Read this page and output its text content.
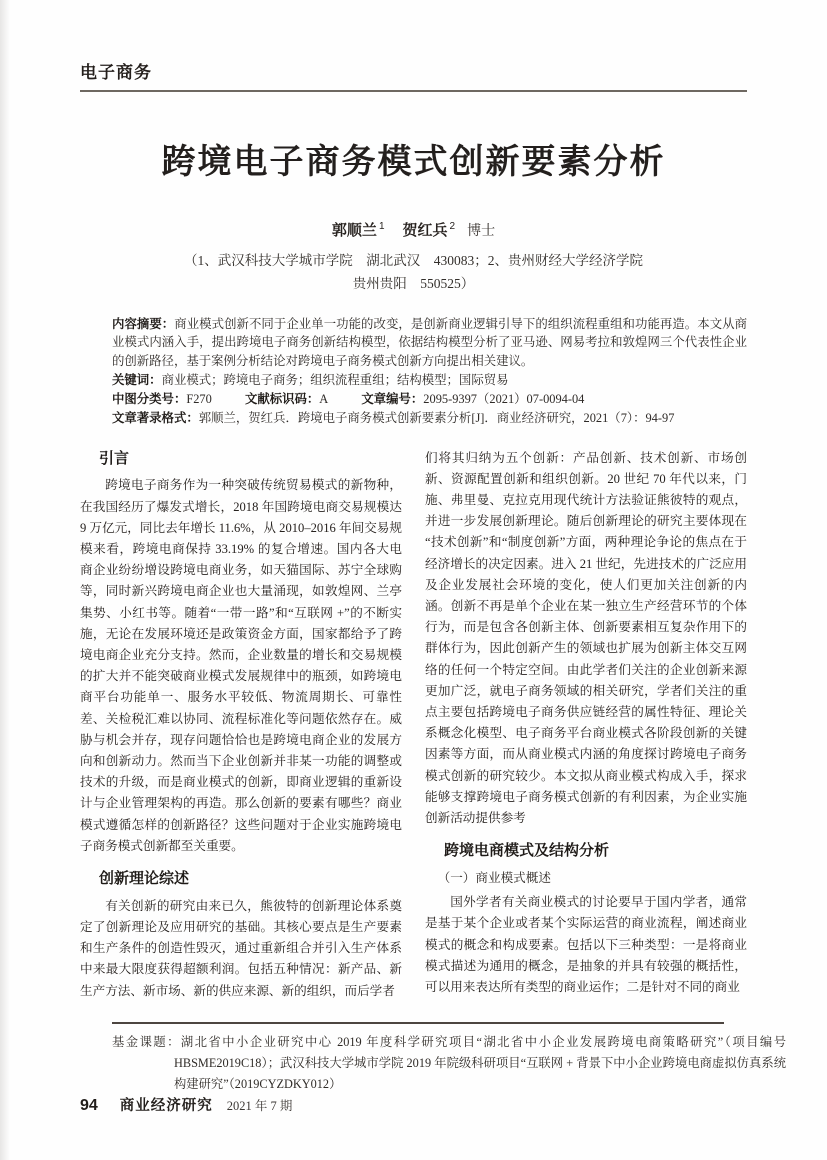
电子商务
跨境电子商务模式创新要素分析
郭顺兰 $^1$ 贺红兵 $^2$ 博士
（1、武汉科技大学城市学院　湖北武汉　430083；2、贵州财经大学经济学院
贵州贵阳　550525）
内容摘要：商业模式创新不同于企业单一功能的改变，是创新商业逻辑引导下的组织流程重组和功能再造。本文从商业模式内涵入手，提出跨境电子商务创新结构模型，依据结构模型分析了亚马逊、网易考拉和敦煌网三个代表性企业的创新路径，基于案例分析结论对跨境电子商务模式创新方向提出相关建议。
关键词：商业模式；跨境电子商务；组织流程重组；结构模型；国际贸易
中图分类号：F270	文献标识码：A	文章编号：2095-9397（2021）07-0094-04
文章著录格式：郭顺兰，贺红兵．跨境电子商务模式创新要素分析[J]．商业经济研究，2021（7）：94-97
引言

跨境电子商务作为一种突破传统贸易模式的新物种，在我国经历了爆发式增长，2018 年国跨境电商交易规模达 9 万亿元，同比去年增长 11.6%，从 2010–2016 年间交易规模来看，跨境电商保持 33.19% 的复合增速。国内各大电商企业纷纷增设跨境电商业务，如天猫国际、苏宁全球购等，同时新兴跨境电商企业也大量涌现，如敦煌网、兰亭集势、小红书等。随着“一带一路”和“互联网 +”的不断实施，无论在发展环境还是政策资金方面，国家都给予了跨境电商企业充分支持。然而，企业数量的增长和交易规模的扩大并不能突破商业模式发展规律中的瓶颈，如跨境电商平台功能单一、服务水平较低、物流周期长、可靠性差、关检税汇难以协同、流程标准化等问题依然存在。威胁与机会并存，现存问题恰恰也是跨境电商企业的发展方向和创新动力。然而当下企业创新并非某一功能的调整或技术的升级，而是商业模式的创新，即商业逻辑的重新设计与企业管理架构的再造。那么创新的要素有哪些？商业模式遵循怎样的创新路径？这些问题对于企业实施跨境电子商务模式创新都至关重要。

创新理论综述

有关创新的研究由来已久，熊彼特的创新理论体系奠定了创新理论及应用研究的基础。其核心要点是生产要素和生产条件的创造性毁灭，通过重新组合并引入生产体系中来最大限度获得超额利润。包括五种情况：新产品、新生产方法、新市场、新的供应来源、新的组织，而后学者

们将其归纳为五个创新：产品创新、技术创新、市场创新、资源配置创新和组织创新。20 世纪 70 年代以来，门施、弗里曼、克拉克用现代统计方法验证熊彼特的观点，并进一步发展创新理论。随后创新理论的研究主要体现在“技术创新”和“制度创新”方面，两种理论争论的焦点在于经济增长的决定因素。进入 21 世纪，先进技术的广泛应用及企业发展社会环境的变化，使人们更加关注创新的内涵。创新不再是单个企业在某一独立生产经营环节的个体行为，而是包含各创新主体、创新要素相互复杂作用下的群体行为，因此创新产生的领域也扩展为创新主体交互网络的任何一个特定空间。由此学者们关注的企业创新来源更加广泛，就电子商务领域的相关研究，学者们关注的重点主要包括跨境电子商务供应链经营的属性特征、理论关系概念化模型、电子商务平台商业模式各阶段创新的关键因素等方面，而从商业模式内涵的角度探讨跨境电子商务模式创新的研究较少。本文拟从商业模式构成入手，探求能够支撑跨境电子商务模式创新的有利因素，为企业实施创新活动提供参考

跨境电商模式及结构分析

（一）商业模式概述

国外学者有关商业模式的讨论要早于国内学者，通常是基于某个企业或者某个实际运营的商业流程，阐述商业模式的概念和构成要素。包括以下三种类型：一是将商业模式描述为通用的概念，是抽象的并具有较强的概括性，可以用来表达所有类型的商业运作；二是针对不同的商业

基金课题：湖北省中小企业研究中心 2019 年度科学研究项目“湖北省中小企业发展跨境电商策略研究”（项目编号HBSME2019C18）；武汉科技大学城市学院 2019 年院级科研项目“互联网 + 背景下中小企业跨境电商虚拟仿真系统构建研究”（2019CYZDKY012）

94 商业经济研究 2021 年 7 期
